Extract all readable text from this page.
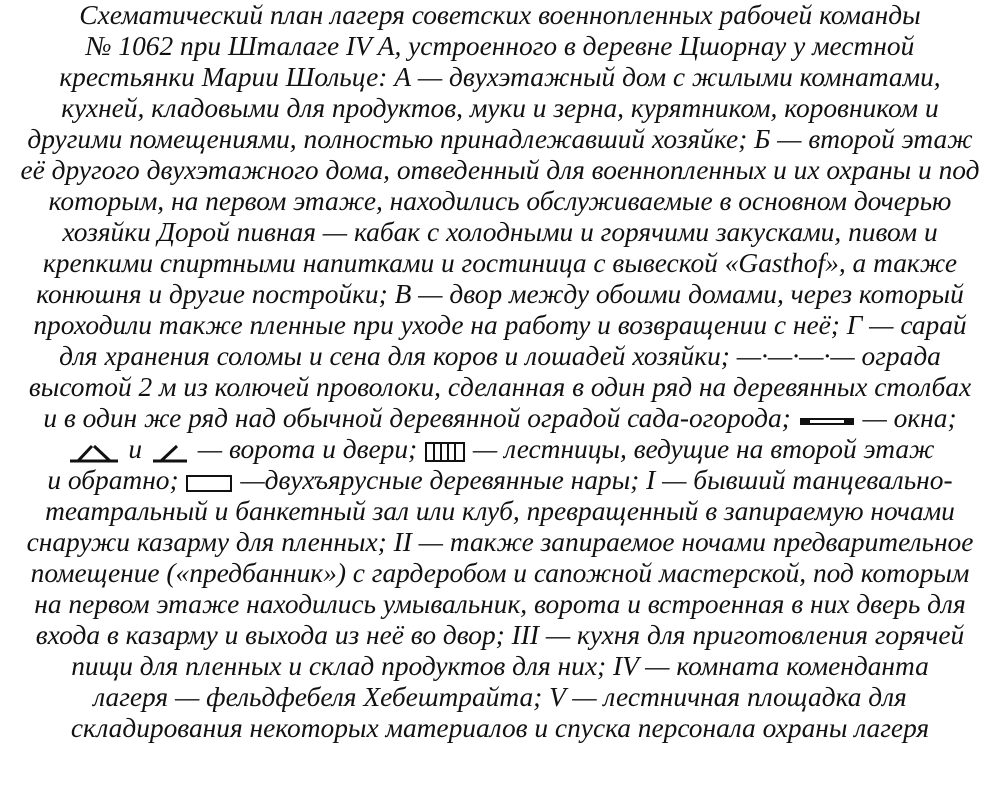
Схематический план лагеря советских военнопленных рабочей команды
№ 1062 при Шталаге IV A, устроенного в деревне Цшорнау у местной
крестьянки Марии Шольце: А — двухэтажный дом с жилыми комнатами,
кухней, кладовыми для продуктов, муки и зерна, курятником, коровником и
другими помещениями, полностью принадлежавший хозяйке; Б — второй этаж
её другого двухэтажного дома, отведенный для военнопленных и их охраны и под
которым, на первом этаже, находились обслуживаемые в основном дочерью
хозяйки Дорой пивная — кабак с холодными и горячими закусками, пивом и
крепкими спиртными напитками и гостиница с вывеской «Gasthof», а также
конюшня и другие постройки; В — двор между обоими домами, через который
проходили также пленные при уходе на работу и возвращении с неё; Г — сарай
для хранения соломы и сена для коров и лошадей хозяйки; —·—·—·— ограда
высотой 2 м из колючей проволоки, сделанная в один ряд на деревянных столбах
и в один же ряд над обычной деревянной оградой сада-огорода;
— окна;
и
— ворота и двери;
— лестницы, ведущие на второй этаж
и обратно;
—двухъярусные деревянные нары; I — бывший танцевально-
театральный и банкетный зал или клуб, превращенный в запираемую ночами
снаружи казарму для пленных; II — также запираемое ночами предварительное
помещение («предбанник») с гардеробом и сапожной мастерской, под которым
на первом этаже находились умывальник, ворота и встроенная в них дверь для
входа в казарму и выхода из неё во двор; III — кухня для приготовления горячей
пищи для пленных и склад продуктов для них; IV — комната коменданта
лагеря — фельдфебеля Хебештрайта; V — лестничная площадка для
складирования некоторых материалов и спуска персонала охраны лагеря
